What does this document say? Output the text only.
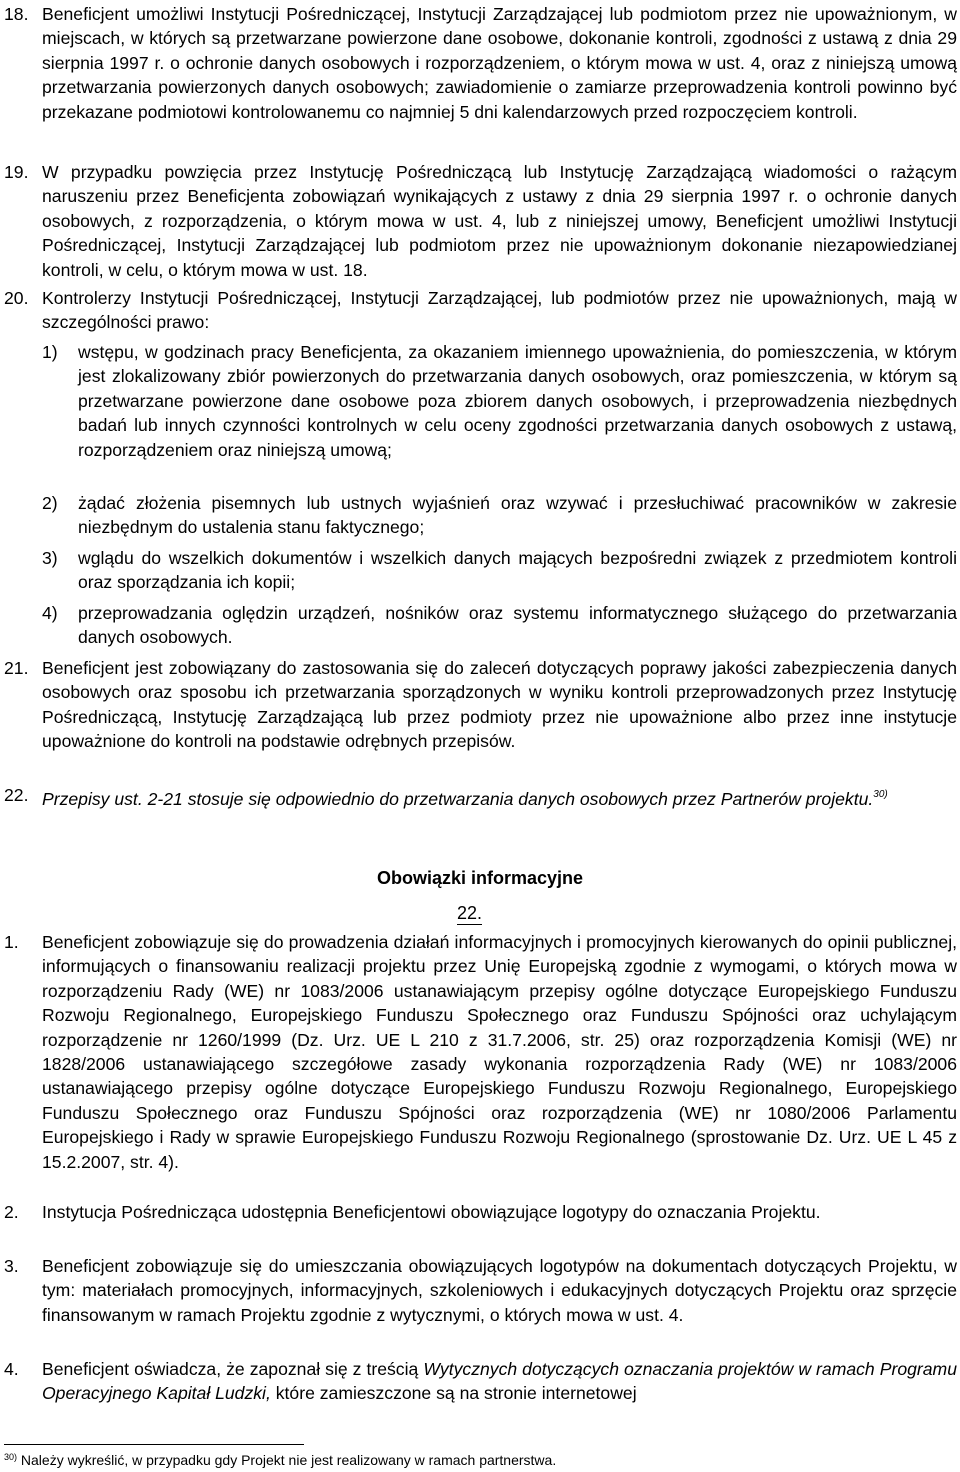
18. Beneficjent umożliwi Instytucji Pośredniczącej, Instytucji Zarządzającej lub podmiotom przez nie upoważnionym, w miejscach, w których są przetwarzane powierzone dane osobowe, dokonanie kontroli, zgodności z ustawą z dnia 29 sierpnia 1997 r. o ochronie danych osobowych i rozporządzeniem, o którym mowa w ust. 4, oraz z niniejszą umową przetwarzania powierzonych danych osobowych; zawiadomienie o zamiarze przeprowadzenia kontroli powinno być przekazane podmiotowi kontrolowanemu co najmniej 5 dni kalendarzowych przed rozpoczęciem kontroli.
19. W przypadku powzięcia przez Instytucję Pośredniczącą lub Instytucję Zarządzającą wiadomości o rażącym naruszeniu przez Beneficjenta zobowiązań wynikających z ustawy z dnia 29 sierpnia 1997 r. o ochronie danych osobowych, z rozporządzenia, o którym mowa w ust. 4, lub z niniejszej umowy, Beneficjent umożliwi Instytucji Pośredniczącej, Instytucji Zarządzającej lub podmiotom przez nie upoważnionym dokonanie niezapowiedzianej kontroli, w celu, o którym mowa w ust. 18.
20. Kontrolerzy Instytucji Pośredniczącej, Instytucji Zarządzającej, lub podmiotów przez nie upoważnionych, mają w szczególności prawo:
1) wstępu, w godzinach pracy Beneficjenta, za okazaniem imiennego upoważnienia, do pomieszczenia, w którym jest zlokalizowany zbiór powierzonych do przetwarzania danych osobowych, oraz pomieszczenia, w którym są przetwarzane powierzone dane osobowe poza zbiorem danych osobowych, i przeprowadzenia niezbędnych badań lub innych czynności kontrolnych w celu oceny zgodności przetwarzania danych osobowych z ustawą, rozporządzeniem oraz niniejszą umową;
2) żądać złożenia pisemnych lub ustnych wyjaśnień oraz wzywać i przesłuchiwać pracowników w zakresie niezbędnym do ustalenia stanu faktycznego;
3) wglądu do wszelkich dokumentów i wszelkich danych mających bezpośredni związek z przedmiotem kontroli oraz sporządzania ich kopii;
4) przeprowadzania oględzin urządzeń, nośników oraz systemu informatycznego służącego do przetwarzania danych osobowych.
21. Beneficjent jest zobowiązany do zastosowania się do zaleceń dotyczących poprawy jakości zabezpieczenia danych osobowych oraz sposobu ich przetwarzania sporządzonych w wyniku kontroli przeprowadzonych przez Instytucję Pośredniczącą, Instytucję Zarządzającą lub przez podmioty przez nie upoważnione albo przez inne instytucje upoważnione do kontroli na podstawie odrębnych przepisów.
22. Przepisy ust. 2-21 stosuje się odpowiednio do przetwarzania danych osobowych przez Partnerów projektu.$^{30)}$
Obowiązki informacyjne
22.
1. Beneficjent zobowiązuje się do prowadzenia działań informacyjnych i promocyjnych kierowanych do opinii publicznej, informujących o finansowaniu realizacji projektu przez Unię Europejską zgodnie z wymogami, o których mowa w rozporządzeniu Rady (WE) nr 1083/2006 ustanawiającym przepisy ogólne dotyczące Europejskiego Funduszu Rozwoju Regionalnego, Europejskiego Funduszu Społecznego oraz Funduszu Spójności oraz uchylającym rozporządzenie nr 1260/1999 (Dz. Urz. UE L 210 z 31.7.2006, str. 25) oraz rozporządzenia Komisji (WE) nr 1828/2006 ustanawiającego szczegółowe zasady wykonania rozporządzenia Rady (WE) nr 1083/2006 ustanawiającego przepisy ogólne dotyczące Europejskiego Funduszu Rozwoju Regionalnego, Europejskiego Funduszu Społecznego oraz Funduszu Spójności oraz rozporządzenia (WE) nr 1080/2006 Parlamentu Europejskiego i Rady w sprawie Europejskiego Funduszu Rozwoju Regionalnego (sprostowanie Dz. Urz. UE L 45 z 15.2.2007, str. 4).
2. Instytucja Pośrednicząca udostępnia Beneficjentowi obowiązujące logotypy do oznaczania Projektu.
3. Beneficjent zobowiązuje się do umieszczania obowiązujących logotypów na dokumentach dotyczących Projektu, w tym: materiałach promocyjnych, informacyjnych, szkoleniowych i edukacyjnych dotyczących Projektu oraz sprzęcie finansowanym w ramach Projektu zgodnie z wytycznymi, o których mowa w ust. 4.
4. Beneficjent oświadcza, że zapoznał się z treścią Wytycznych dotyczących oznaczania projektów w ramach Programu Operacyjnego Kapitał Ludzki, które zamieszczone są na stronie internetowej
$^{30)}$ Należy wykreślić, w przypadku gdy Projekt nie jest realizowany w ramach partnerstwa.
